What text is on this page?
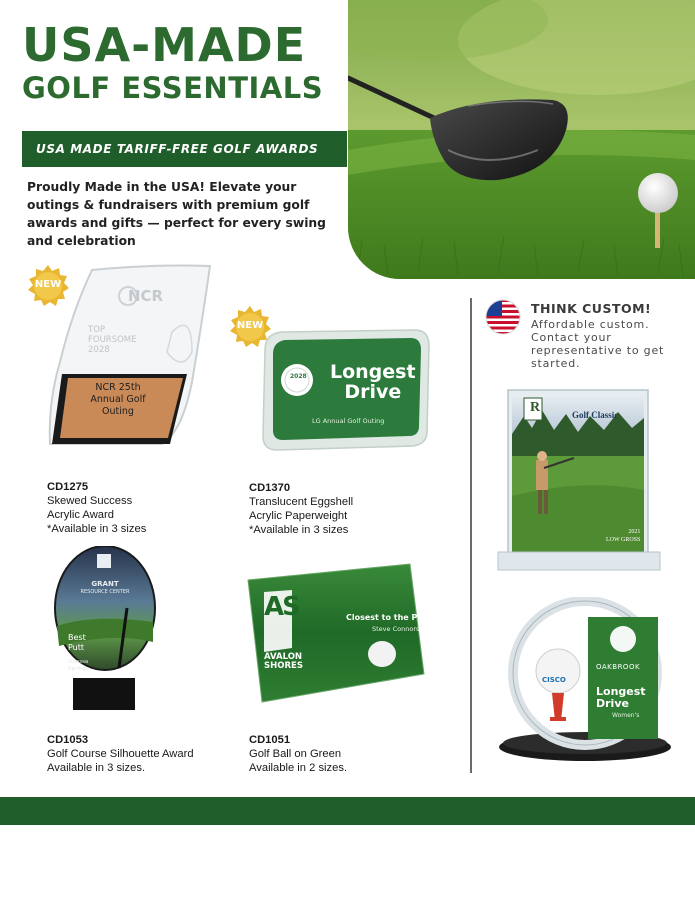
USA-MADE
GOLF ESSENTIALS
USA MADE TARIFF-FREE GOLF AWARDS
Proudly Made in the USA! Elevate your outings & fundraisers with premium golf awards and gifts — perfect for every swing and celebration
NEW
NEW
NCR
TOP
FOURSOME
2028
NCR 25th
Annual Golf
Outing
CD1275
Skewed Success
Acrylic Award
*Available in 3 sizes
2028 Longest
Drive
LG Annual Golf Outing
CD1370
Translucent Eggshell
Acrylic Paperweight
*Available in 3 sizes
GRANT
RESOURCE CENTER
Best
Putt
Odessa
Springs
CD1053
Golf Course Silhouette Award
Available in 3 sizes.
AS
AVALON
SHORES
Closest to the Pin
Steve Connors
CD1051
Golf Ball on Green
Available in 2 sizes.
THINK CUSTOM!
Affordable custom. Contact your representative to get started.
R	Golf Classic
2021
LOW GROSS
CISCO
OAKBROOK
Longest
Drive
Women's
